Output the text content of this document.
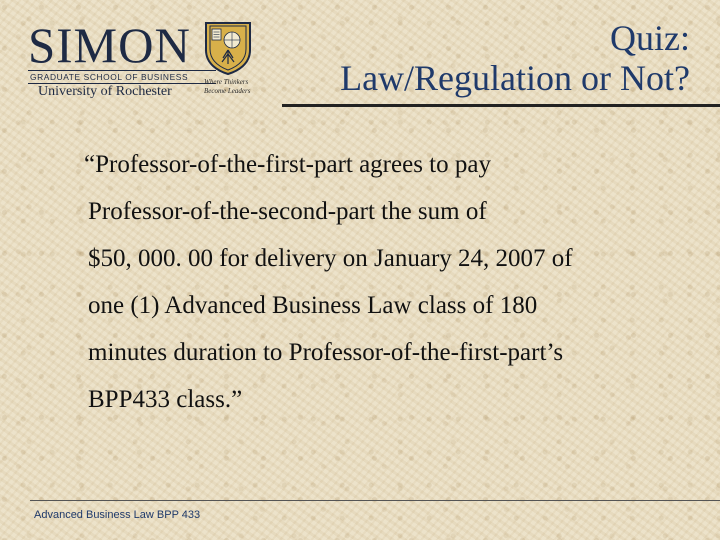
SIMON
GRADUATE SCHOOL OF BUSINESS
University of Rochester
Where Thinkers
Become Leaders
Quiz:
Law/Regulation or Not?
“Professor-of-the-first-part agrees to pay
Professor-of-the-second-part the sum of
$50, 000. 00 for delivery on January 24, 2007 of
one (1) Advanced Business Law class of 180
minutes duration to Professor-of-the-first-part’s
BPP433 class.”
Advanced Business Law BPP 433
